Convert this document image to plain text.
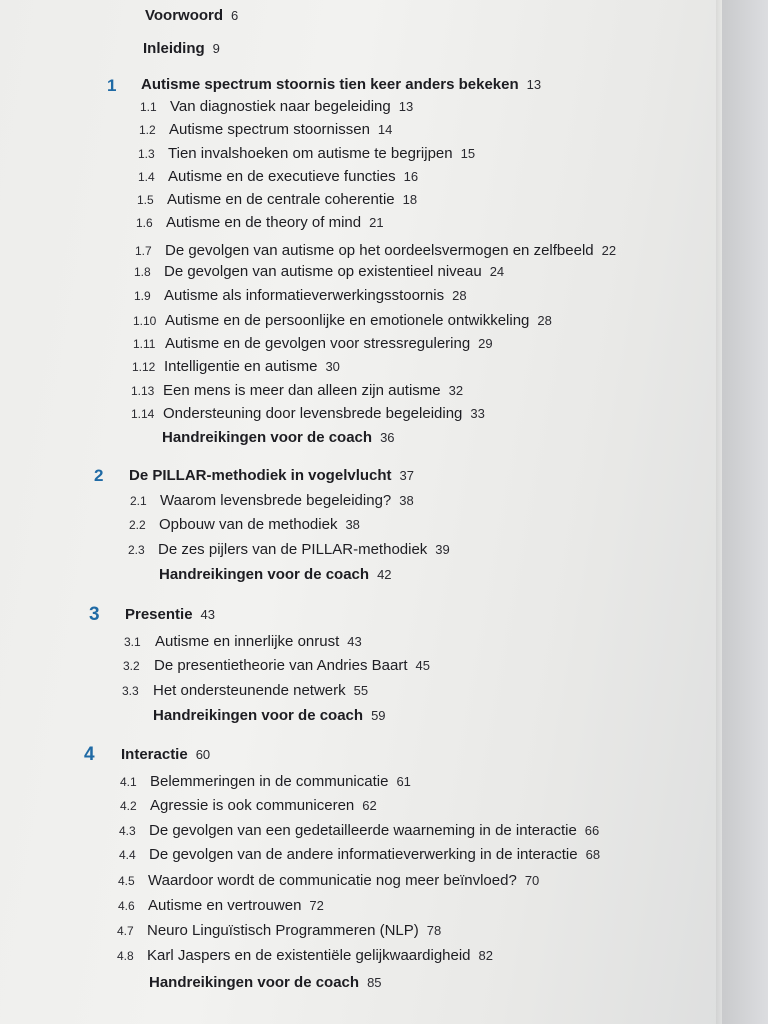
Voorwoord 6
Inleiding 9
1 Autisme spectrum stoornis tien keer anders bekeken 13
1.1 Van diagnostiek naar begeleiding 13
1.2 Autisme spectrum stoornissen 14
1.3 Tien invalshoeken om autisme te begrijpen 15
1.4 Autisme en de executieve functies 16
1.5 Autisme en de centrale coherentie 18
1.6 Autisme en de theory of mind 21
1.7 De gevolgen van autisme op het oordeelsvermogen en zelfbeeld 22
1.8 De gevolgen van autisme op existentieel niveau 24
1.9 Autisme als informatieverwerkingsstoornis 28
1.10 Autisme en de persoonlijke en emotionele ontwikkeling 28
1.11 Autisme en de gevolgen voor stressregulering 29
1.12 Intelligentie en autisme 30
1.13 Een mens is meer dan alleen zijn autisme 32
1.14 Ondersteuning door levensbrede begeleiding 33
Handreikingen voor de coach 36
2 De PILLAR-methodiek in vogelvlucht 37
2.1 Waarom levensbrede begeleiding? 38
2.2 Opbouw van de methodiek 38
2.3 De zes pijlers van de PILLAR-methodiek 39
Handreikingen voor de coach 42
3 Presentie 43
3.1 Autisme en innerlijke onrust 43
3.2 De presentietheorie van Andries Baart 45
3.3 Het ondersteunende netwerk 55
Handreikingen voor de coach 59
4 Interactie 60
4.1 Belemmeringen in de communicatie 61
4.2 Agressie is ook communiceren 62
4.3 De gevolgen van een gedetailleerde waarneming in de interactie 66
4.4 De gevolgen van de andere informatieverwerking in de interactie 68
4.5 Waardoor wordt de communicatie nog meer beïnvloed? 70
4.6 Autisme en vertrouwen 72
4.7 Neuro Linguïstisch Programmeren (NLP) 78
4.8 Karl Jaspers en de existentiële gelijkwaardigheid 82
Handreikingen voor de coach 85
